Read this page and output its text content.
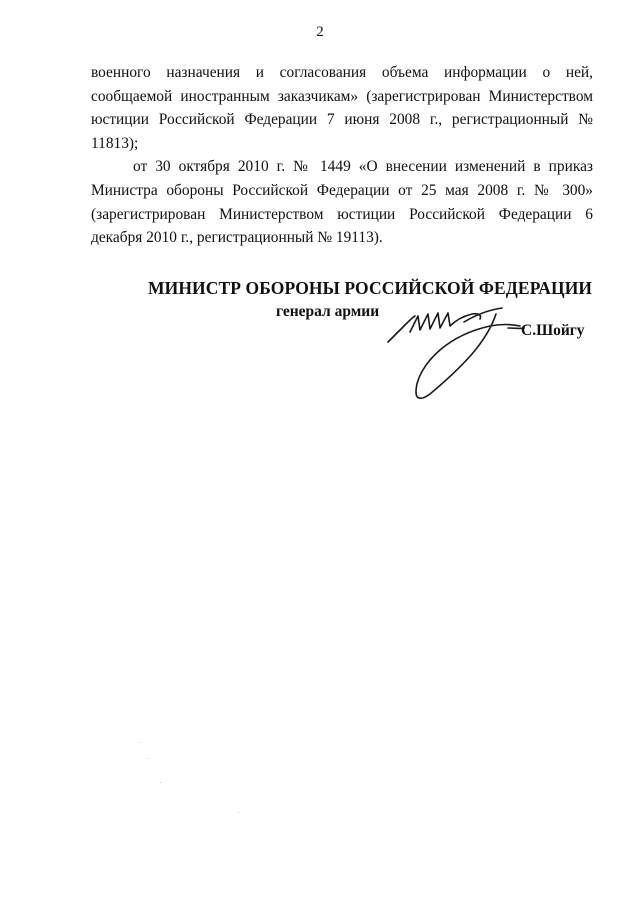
2

военного назначения и согласования объема информации о ней, сообщаемой иностранным заказчикам» (зарегистрирован Министерством юстиции Российской Федерации 7 июня 2008 г., регистрационный № 11813);

от 30 октября 2010 г. № 1449 «О внесении изменений в приказ Министра обороны Российской Федерации от 25 мая 2008 г. № 300» (зарегистрирован Министерством юстиции Российской Федерации 6 декабря 2010 г., регистрационный № 19113).

МИНИСТР ОБОРОНЫ РОССИЙСКОЙ ФЕДЕРАЦИИ
генерал армии
С.Шойгу
